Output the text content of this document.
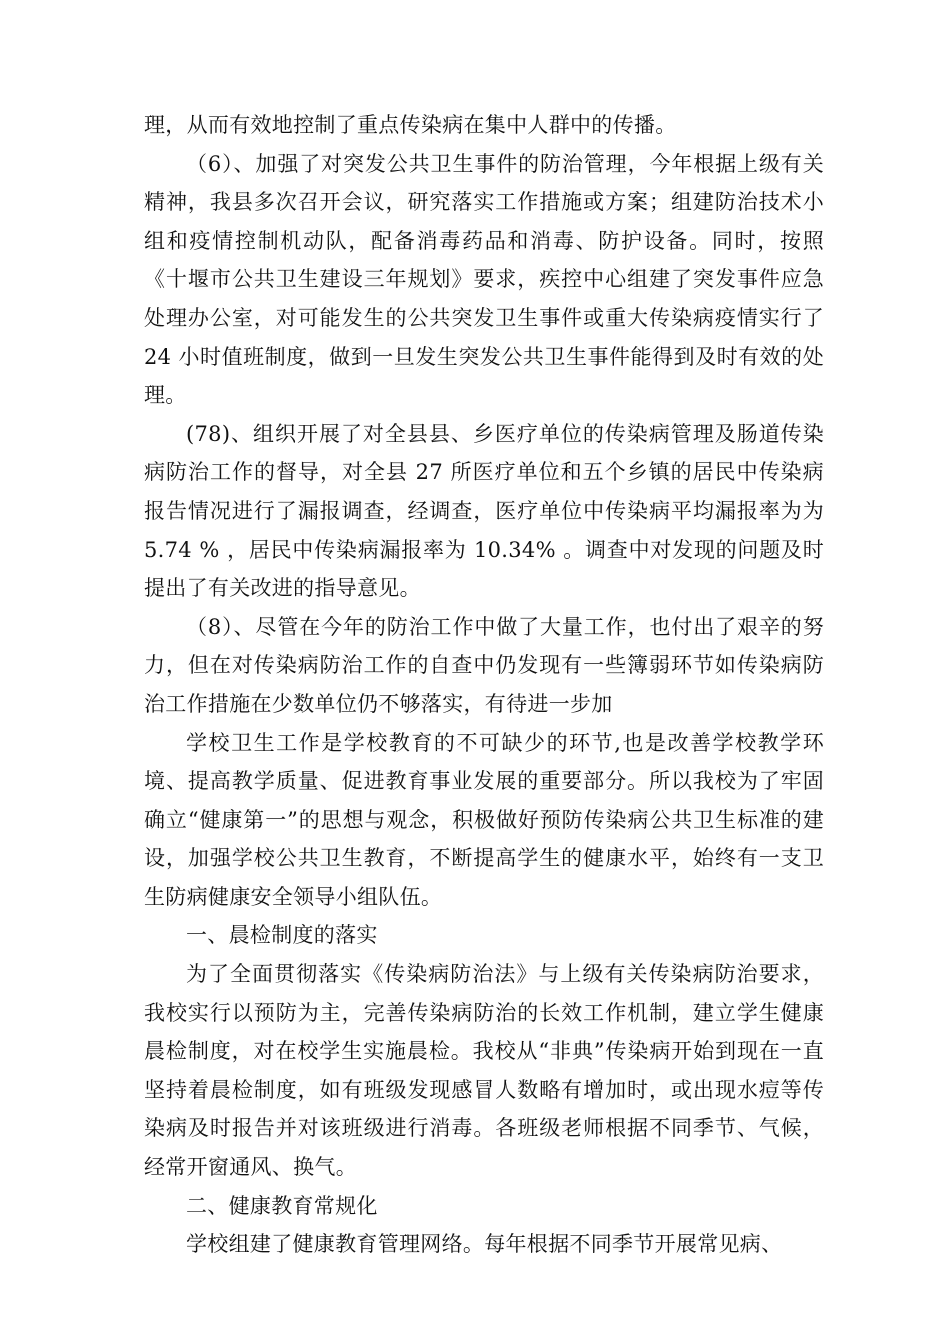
理，从而有效地控制了重点传染病在集中人群中的传播。

（6）、加强了对突发公共卫生事件的防治管理，今年根据上级有关精神，我县多次召开会议，研究落实工作措施或方案；组建防治技术小组和疫情控制机动队，配备消毒药品和消毒、防护设备。同时，按照《十堰市公共卫生建设三年规划》要求，疾控中心组建了突发事件应急处理办公室，对可能发生的公共突发卫生事件或重大传染病疫情实行了 24 小时值班制度，做到一旦发生突发公共卫生事件能得到及时有效的处理。

(78)、组织开展了对全县县、乡医疗单位的传染病管理及肠道传染病防治工作的督导，对全县 27 所医疗单位和五个乡镇的居民中传染病报告情况进行了漏报调查，经调查，医疗单位中传染病平均漏报率为为 5.74 % ，居民中传染病漏报率为 10.34% 。调查中对发现的问题及时提出了有关改进的指导意见。

（8）、尽管在今年的防治工作中做了大量工作，也付出了艰辛的努力，但在对传染病防治工作的自查中仍发现有一些簿弱环节如传染病防治工作措施在少数单位仍不够落实，有待进一步加

学校卫生工作是学校教育的不可缺少的环节,也是改善学校教学环境、提高教学质量、促进教育事业发展的重要部分。所以我校为了牢固确立“健康第一”的思想与观念，积极做好预防传染病公共卫生标准的建设，加强学校公共卫生教育，不断提高学生的健康水平，始终有一支卫生防病健康安全领导小组队伍。

一、晨检制度的落实

为了全面贯彻落实《传染病防治法》与上级有关传染病防治要求，我校实行以预防为主，完善传染病防治的长效工作机制，建立学生健康晨检制度，对在校学生实施晨检。我校从“非典”传染病开始到现在一直坚持着晨检制度，如有班级发现感冒人数略有增加时，或出现水痘等传染病及时报告并对该班级进行消毒。各班级老师根据不同季节、气候，经常开窗通风、换气。

二、健康教育常规化

学校组建了健康教育管理网络。每年根据不同季节开展常见病、
